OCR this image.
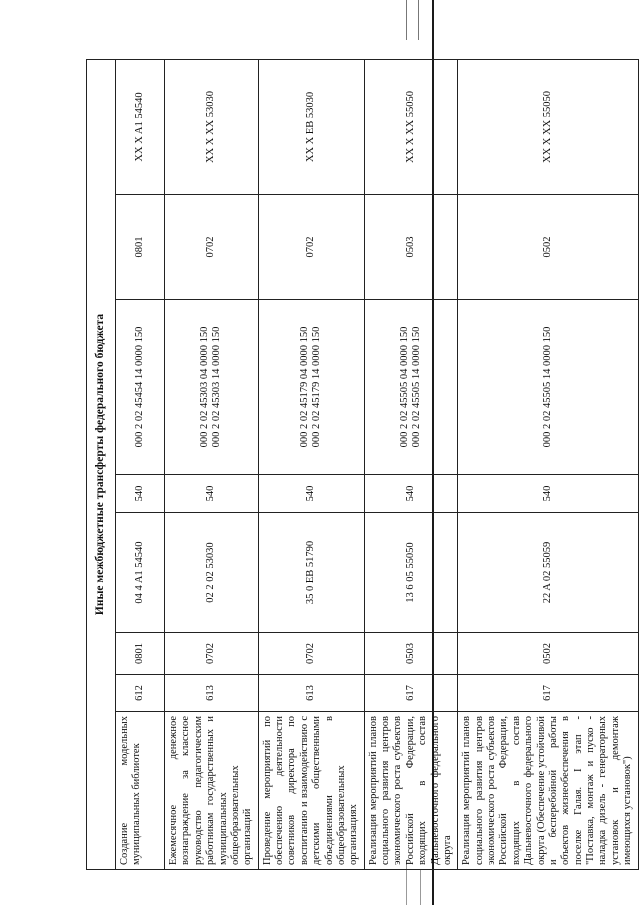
Иные межбюджетные трансферты федерального бюджета							
Создание модельных муниципальных библиотек	612	0801	04 4 A1 54540	540	000 2 02 45454 14 0000 150	0801	XX X A1 54540
Ежемесячное денежное вознаграждение за классное руководство педагогическим работникам государственных и муниципальных общеобразовательных организаций	613	0702	02 2 02 53030	540	000 2 02 45303 04 0000 150 000 2 02 45303 14 0000 150	0702	XX X XX 53030
Проведение мероприятий по обеспечению деятельности советников директора по воспитанию и взаимодействию с детскими общественными объединениями в общеобразовательных организациях	613	0702	35 0 EB 51790	540	000 2 02 45179 04 0000 150 000 2 02 45179 14 0000 150	0702	XX X EB 53030
Реализация мероприятий планов социального развития центров экономического роста субъектов Российской Федерации, входящих в состав Дальневосточного федерального округа	617	0503	13 6 05 55050	540	000 2 02 45505 04 0000 150 000 2 02 45505 14 0000 150	0503	XX X XX 55050
Реализация мероприятий планов социального развития центров экономического роста субъектов Российской Федерации, входящих в состав Дальневосточного федерального округа (Обеспечение устойчивой и бесперебойной работы объектов жизнеобеспечения в поселке Галая. I этап - "Поставка, монтаж и пуско - наладка дизель - генераторных установок и демонтаж имеющихся установок")	617	0502	22 A 02 55059	540	000 2 02 45505 14 0000 150	0502	XX X XX 55050
